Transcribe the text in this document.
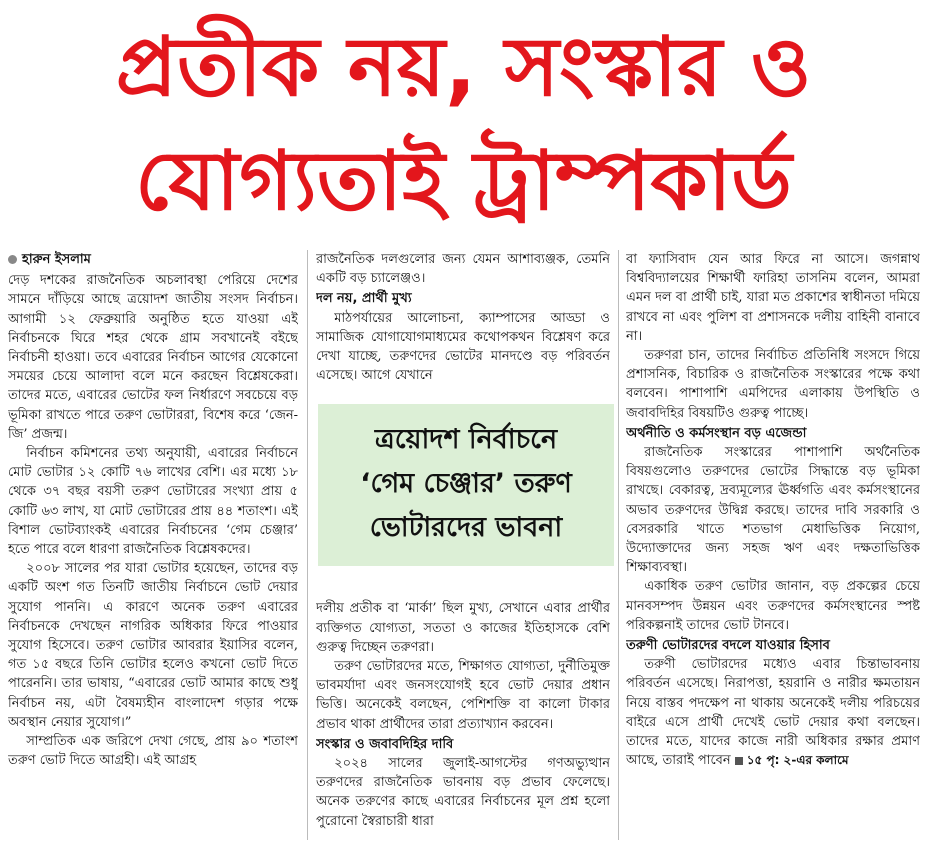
প্রতীক নয়, সংস্কার ও
যোগ্যতাই ট্রাম্পকার্ড
হারুন ইসলাম

দেড় দশকের রাজনৈতিক অচলাবস্থা পেরিয়ে দেশের সামনে দাঁড়িয়ে আছে ত্রয়োদশ জাতীয় সংসদ নির্বাচন। আগামী ১২ ফেব্রুয়ারি অনুষ্ঠিত হতে যাওয়া এই নির্বাচনকে ঘিরে শহর থেকে গ্রাম সবখানেই বইছে নির্বাচনী হাওয়া। তবে এবারের নির্বাচন আগের যেকোনো সময়ের চেয়ে আলাদা বলে মনে করছেন বিশ্লেষকেরা। তাদের মতে, এবারের ভোটের ফল নির্ধারণে সবচেয়ে বড় ভূমিকা রাখতে পারে তরুণ ভোটাররা, বিশেষ করে ‘জেন-জি’ প্রজন্ম।

নির্বাচন কমিশনের তথ্য অনুযায়ী, এবারের নির্বাচনে মোট ভোটার ১২ কোটি ৭৬ লাখের বেশি। এর মধ্যে ১৮ থেকে ৩৭ বছর বয়সী তরুণ ভোটারের সংখ্যা প্রায় ৫ কোটি ৬৩ লাখ, যা মোট ভোটারের প্রায় ৪৪ শতাংশ। এই বিশাল ভোটব্যাংকই এবারের নির্বাচনের ‘গেম চেঞ্জার’ হতে পারে বলে ধারণা রাজনৈতিক বিশ্লেষকদের।

২০০৮ সালের পর যারা ভোটার হয়েছেন, তাদের বড় একটি অংশ গত তিনটি জাতীয় নির্বাচনে ভোট দেয়ার সুযোগ পাননি। এ কারণে অনেক তরুণ এবারের নির্বাচনকে দেখছেন নাগরিক অধিকার ফিরে পাওয়ার সুযোগ হিসেবে। তরুণ ভোটার আবরার ইয়াসির বলেন, গত ১৫ বছরে তিনি ভোটার হলেও কখনো ভোট দিতে পারেননি। তার ভাষায়, “এবারের ভোট আমার কাছে শুধু নির্বাচন নয়, এটা বৈষম্যহীন বাংলাদেশ গড়ার পক্ষে অবস্থান নেয়ার সুযোগ।”

সাম্প্রতিক এক জরিপে দেখা গেছে, প্রায় ৯০ শতাংশ তরুণ ভোট দিতে আগ্রহী। এই আগ্রহ

রাজনৈতিক দলগুলোর জন্য যেমন আশাব্যঞ্জক, তেমনি একটি বড় চ্যালেঞ্জও।

দল নয়, প্রার্থী মুখ্য

মাঠপর্যায়ের আলোচনা, ক্যাম্পাসের আড্ডা ও সামাজিক যোগাযোগমাধ্যমের কথোপকথন বিশ্লেষণ করে দেখা যাচ্ছে, তরুণদের ভোটের মানদণ্ডে বড় পরিবর্তন এসেছে। আগে যেখানে

দলীয় প্রতীক বা ‘মার্কা’ ছিল মুখ্য, সেখানে এবার প্রার্থীর ব্যক্তিগত যোগ্যতা, সততা ও কাজের ইতিহাসকে বেশি গুরুত্ব দিচ্ছেন তরুণরা।

তরুণ ভোটারদের মতে, শিক্ষাগত যোগ্যতা, দুর্নীতিমুক্ত ভাবমর্যাদা এবং জনসংযোগই হবে ভোট দেয়ার প্রধান ভিত্তি। অনেকেই বলছেন, পেশিশক্তি বা কালো টাকার প্রভাব থাকা প্রার্থীদের তারা প্রত্যাখ্যান করবেন।

সংস্কার ও জবাবদিহির দাবি

২০২৪ সালের জুলাই-আগস্টের গণঅভ্যুত্থান তরুণদের রাজনৈতিক ভাবনায় বড় প্রভাব ফেলেছে। অনেক তরুণের কাছে এবারের নির্বাচনের মূল প্রশ্ন হলো পুরোনো স্বৈরাচারী ধারা

ত্রয়োদশ নির্বাচনে
‘গেম চেঞ্জার’ তরুণ
ভোটারদের ভাবনা

বা ফ্যাসিবাদ যেন আর ফিরে না আসে। জগন্নাথ বিশ্ববিদ্যালয়ের শিক্ষার্থী ফারিহা তাসনিম বলেন, আমরা এমন দল বা প্রার্থী চাই, যারা মত প্রকাশের স্বাধীনতা দমিয়ে রাখবে না এবং পুলিশ বা প্রশাসনকে দলীয় বাহিনী বানাবে না।

তরুণরা চান, তাদের নির্বাচিত প্রতিনিধি সংসদে গিয়ে প্রশাসনিক, বিচারিক ও রাজনৈতিক সংস্কারের পক্ষে কথা বলবেন। পাশাপাশি এমপিদের এলাকায় উপস্থিতি ও জবাবদিহির বিষয়টিও গুরুত্ব পাচ্ছে।

অর্থনীতি ও কর্মসংস্থান বড় এজেন্ডা

রাজনৈতিক সংস্কারের পাশাপাশি অর্থনৈতিক বিষয়গুলোও তরুণদের ভোটের সিদ্ধান্তে বড় ভূমিকা রাখছে। বেকারত্ব, দ্রব্যমূল্যের ঊর্ধ্বগতি এবং কর্মসংস্থানের অভাব তরুণদের উদ্বিগ্ন করছে। তাদের দাবি সরকারি ও বেসরকারি খাতে শতভাগ মেধাভিত্তিক নিয়োগ, উদ্যোক্তাদের জন্য সহজ ঋণ এবং দক্ষতাভিত্তিক শিক্ষাব্যবস্থা।

একাধিক তরুণ ভোটার জানান, বড় প্রকল্পের চেয়ে মানবসম্পদ উন্নয়ন এবং তরুণদের কর্মসংস্থানের স্পষ্ট পরিকল্পনাই তাদের ভোট টানবে।

তরুণী ভোটারদের বদলে যাওয়ার হিসাব

তরুণী ভোটারদের মধ্যেও এবার চিন্তাভাবনায় পরিবর্তন এসেছে। নিরাপত্তা, হয়রানি ও নারীর ক্ষমতায়ন নিয়ে বাস্তব পদক্ষেপ না থাকায় অনেকেই দলীয় পরিচয়ের বাইরে এসে প্রার্থী দেখেই ভোট দেয়ার কথা বলছেন। তাদের মতে, যাদের কাজে নারী অধিকার রক্ষার প্রমাণ আছে, তারাই পাবেন ১৫ পৃ: ২-এর কলামে
